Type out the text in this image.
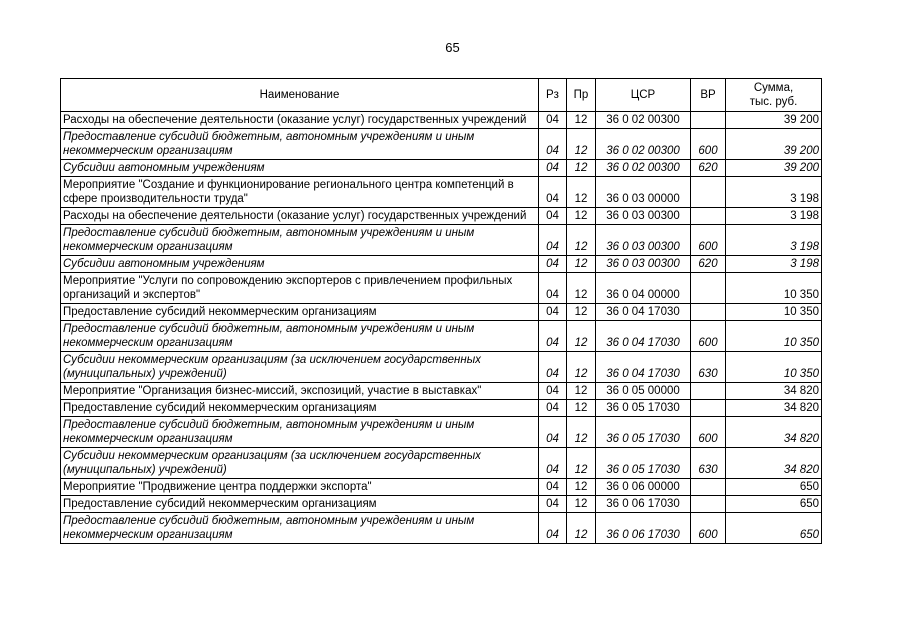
65
Наименование	Рз	Пр	ЦСР	ВР	Сумма,
тыс. руб.
Расходы на обеспечение деятельности (оказание услуг) государственных учреждений	04	12	36 0 02 00300		39 200
Предоставление субсидий бюджетным, автономным учреждениям и иным некоммерческим организациям	04	12	36 0 02 00300	600	39 200
Субсидии автономным учреждениям	04	12	36 0 02 00300	620	39 200
Мероприятие "Создание и функционирование регионального центра компетенций в сфере производительности труда"	04	12	36 0 03 00000		3 198
Расходы на обеспечение деятельности (оказание услуг) государственных учреждений	04	12	36 0 03 00300		3 198
Предоставление субсидий бюджетным, автономным учреждениям и иным некоммерческим организациям	04	12	36 0 03 00300	600	3 198
Субсидии автономным учреждениям	04	12	36 0 03 00300	620	3 198
Мероприятие "Услуги по сопровождению экспортеров с привлечением профильных организаций и экспертов"	04	12	36 0 04 00000		10 350
Предоставление субсидий некоммерческим организациям	04	12	36 0 04 17030		10 350
Предоставление субсидий бюджетным, автономным учреждениям и иным некоммерческим организациям	04	12	36 0 04 17030	600	10 350
Субсидии некоммерческим организациям (за исключением государственных (муниципальных) учреждений)	04	12	36 0 04 17030	630	10 350
Мероприятие "Организация бизнес-миссий, экспозиций, участие в выставках"	04	12	36 0 05 00000		34 820
Предоставление субсидий некоммерческим организациям	04	12	36 0 05 17030		34 820
Предоставление субсидий бюджетным, автономным учреждениям и иным некоммерческим организациям	04	12	36 0 05 17030	600	34 820
Субсидии некоммерческим организациям (за исключением государственных (муниципальных) учреждений)	04	12	36 0 05 17030	630	34 820
Мероприятие "Продвижение центра поддержки экспорта"	04	12	36 0 06 00000		650
Предоставление субсидий некоммерческим организациям	04	12	36 0 06 17030		650
Предоставление субсидий бюджетным, автономным учреждениям и иным некоммерческим организациям	04	12	36 0 06 17030	600	650
